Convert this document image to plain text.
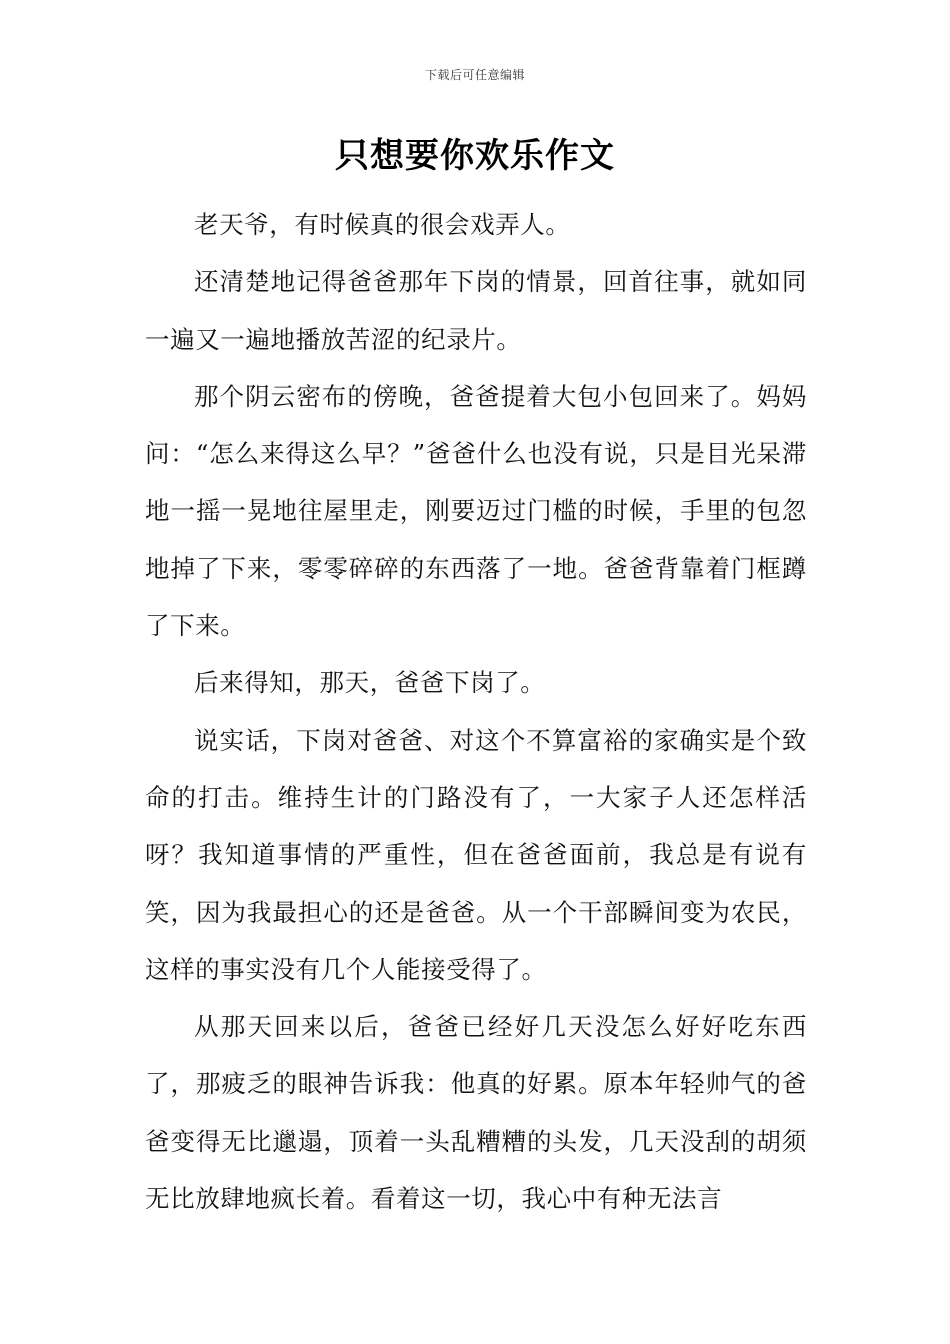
下载后可任意编辑
只想要你欢乐作文

老天爷，有时候真的很会戏弄人。

还清楚地记得爸爸那年下岗的情景，回首往事，就如同一遍又一遍地播放苦涩的纪录片。

那个阴云密布的傍晚，爸爸提着大包小包回来了。妈妈问：“怎么来得这么早？”爸爸什么也没有说，只是目光呆滞地一摇一晃地往屋里走，刚要迈过门槛的时候，手里的包忽地掉了下来，零零碎碎的东西落了一地。爸爸背靠着门框蹲了下来。

后来得知，那天，爸爸下岗了。

说实话，下岗对爸爸、对这个不算富裕的家确实是个致命的打击。维持生计的门路没有了，一大家子人还怎样活呀？我知道事情的严重性，但在爸爸面前，我总是有说有笑，因为我最担心的还是爸爸。从一个干部瞬间变为农民，这样的事实没有几个人能接受得了。

从那天回来以后，爸爸已经好几天没怎么好好吃东西了，那疲乏的眼神告诉我：他真的好累。原本年轻帅气的爸爸变得无比邋遢，顶着一头乱糟糟的头发，几天没刮的胡须无比放肆地疯长着。看着这一切，我心中有种无法言
